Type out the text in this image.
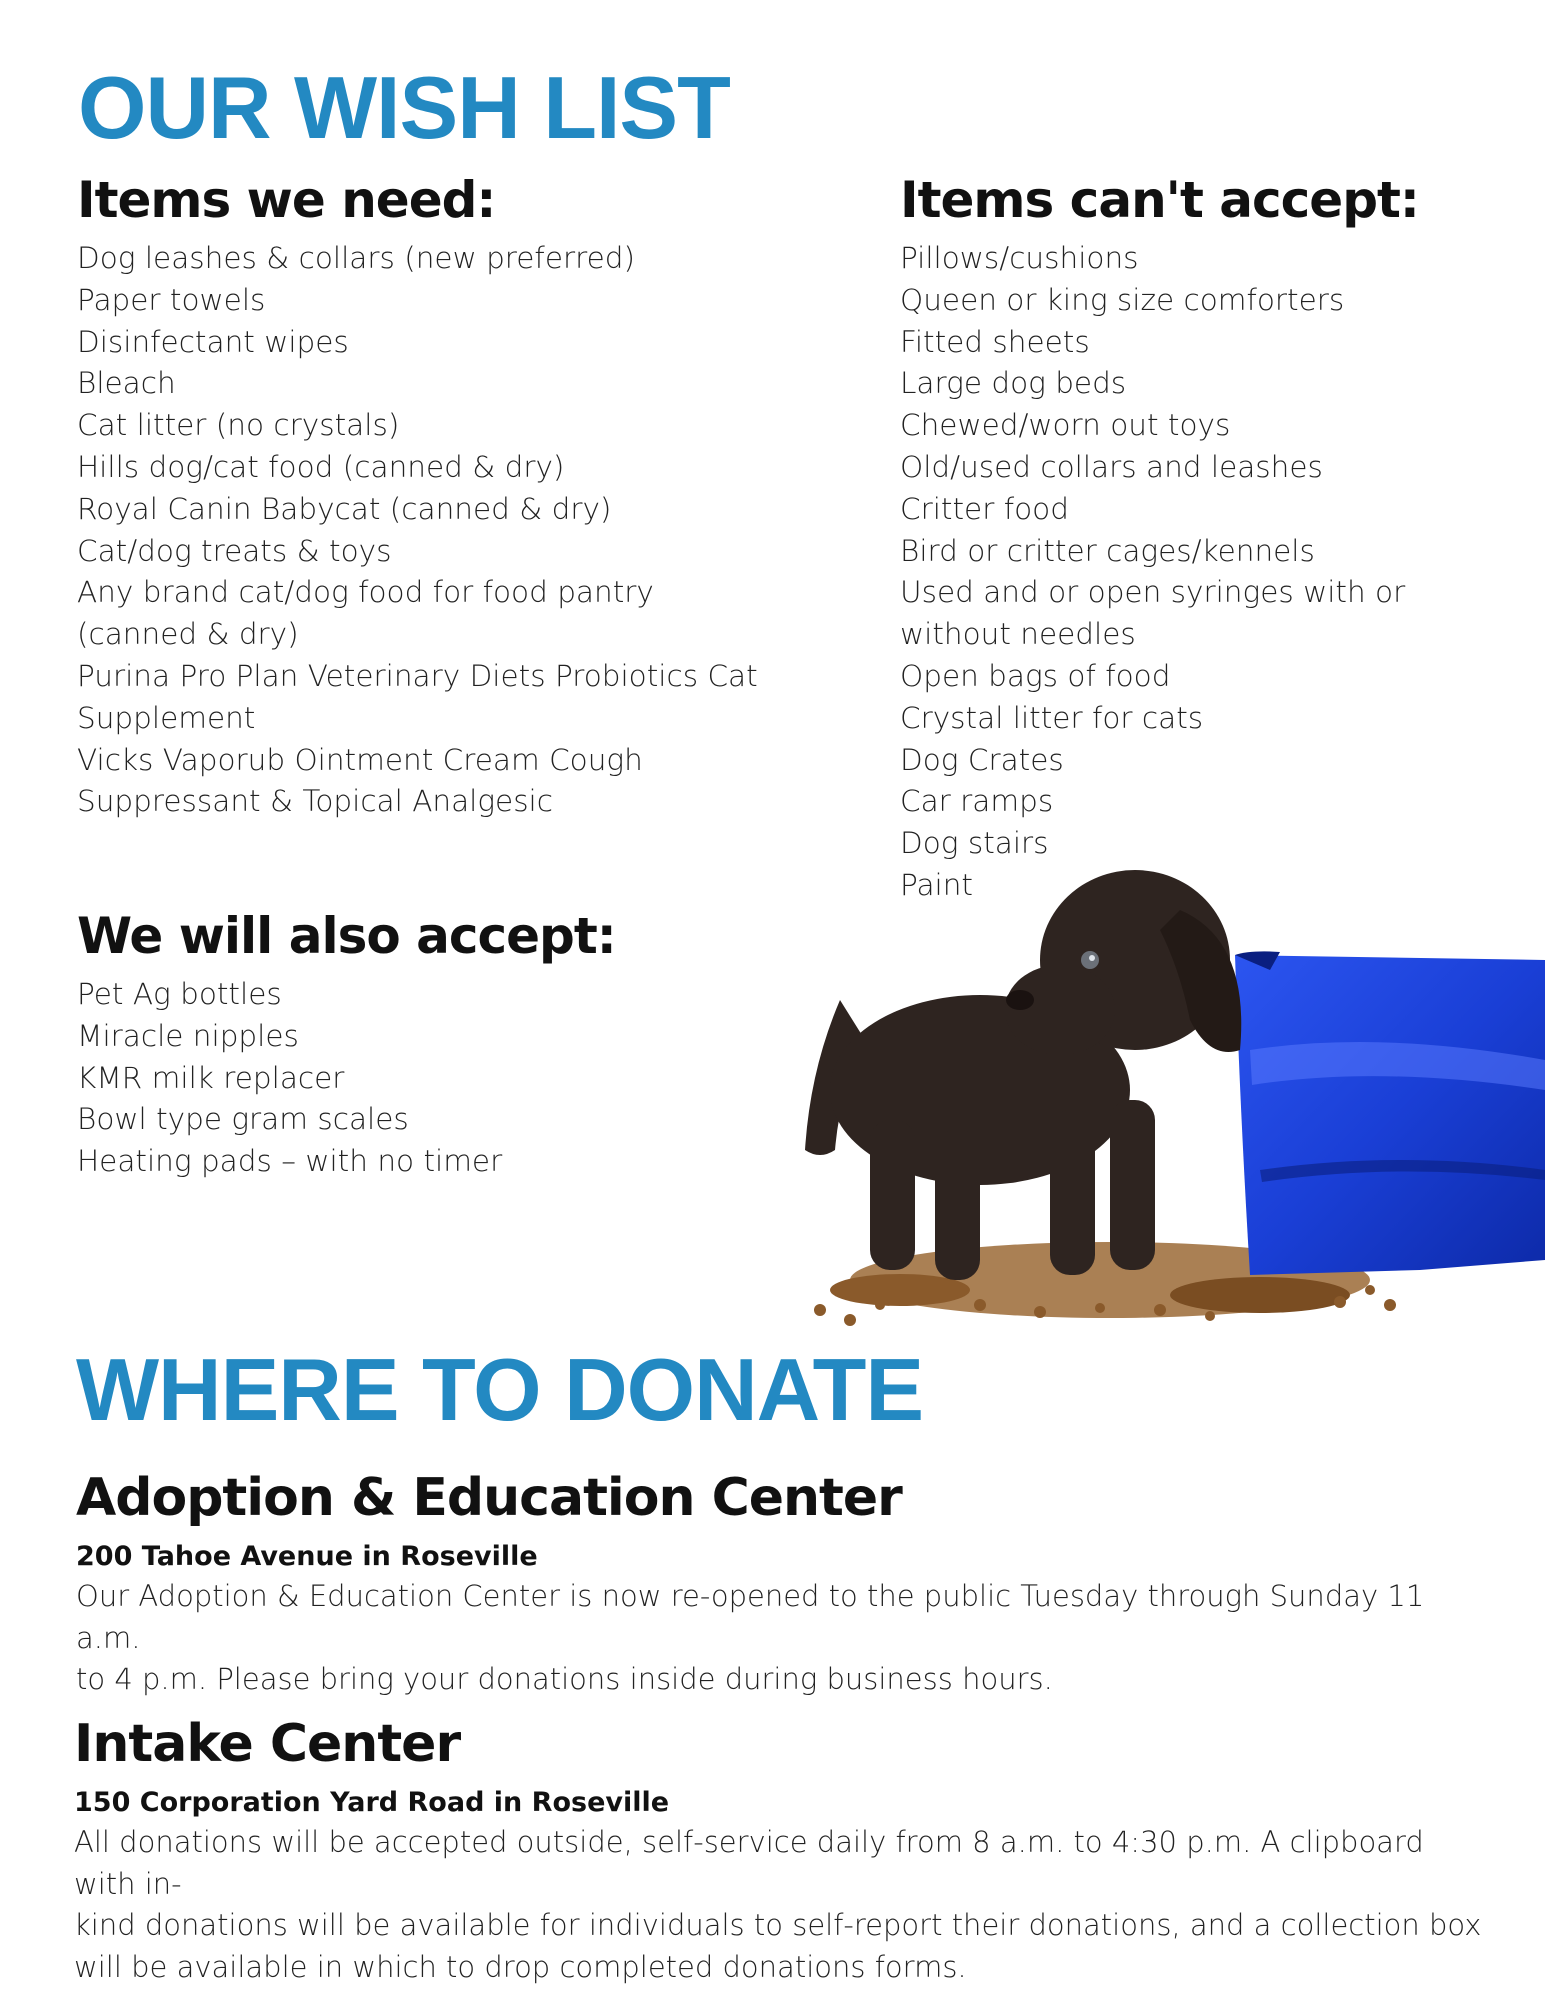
OUR WISH LIST
Items we need:
Dog leashes & collars (new preferred)
Paper towels
Disinfectant wipes
Bleach
Cat litter (no crystals)
Hills dog/cat food (canned & dry)
Royal Canin Babycat (canned & dry)
Cat/dog treats & toys
Any brand cat/dog food for food pantry
(canned & dry)
Purina Pro Plan Veterinary Diets Probiotics Cat
Supplement
Vicks Vaporub Ointment Cream Cough
Suppressant & Topical Analgesic
Items can't accept:
Pillows/cushions
Queen or king size comforters
Fitted sheets
Large dog beds
Chewed/worn out toys
Old/used collars and leashes
Critter food
Bird or critter cages/kennels
Used and or open syringes with or
without needles
Open bags of food
Crystal litter for cats
Dog Crates
Car ramps
Dog stairs
Paint
We will also accept:
Pet Ag bottles
Miracle nipples
KMR milk replacer
Bowl type gram scales
Heating pads – with no timer
WHERE TO DONATE
Adoption & Education Center
200 Tahoe Avenue in Roseville

Our Adoption & Education Center is now re-opened to the public Tuesday through Sunday 11 a.m.
to 4 p.m. Please bring your donations inside during business hours.

Intake Center
150 Corporation Yard Road in Roseville

All donations will be accepted outside, self-service daily from 8 a.m. to 4:30 p.m. A clipboard with in-
kind donations will be available for individuals to self-report their donations, and a collection box
will be available in which to drop completed donations forms.
